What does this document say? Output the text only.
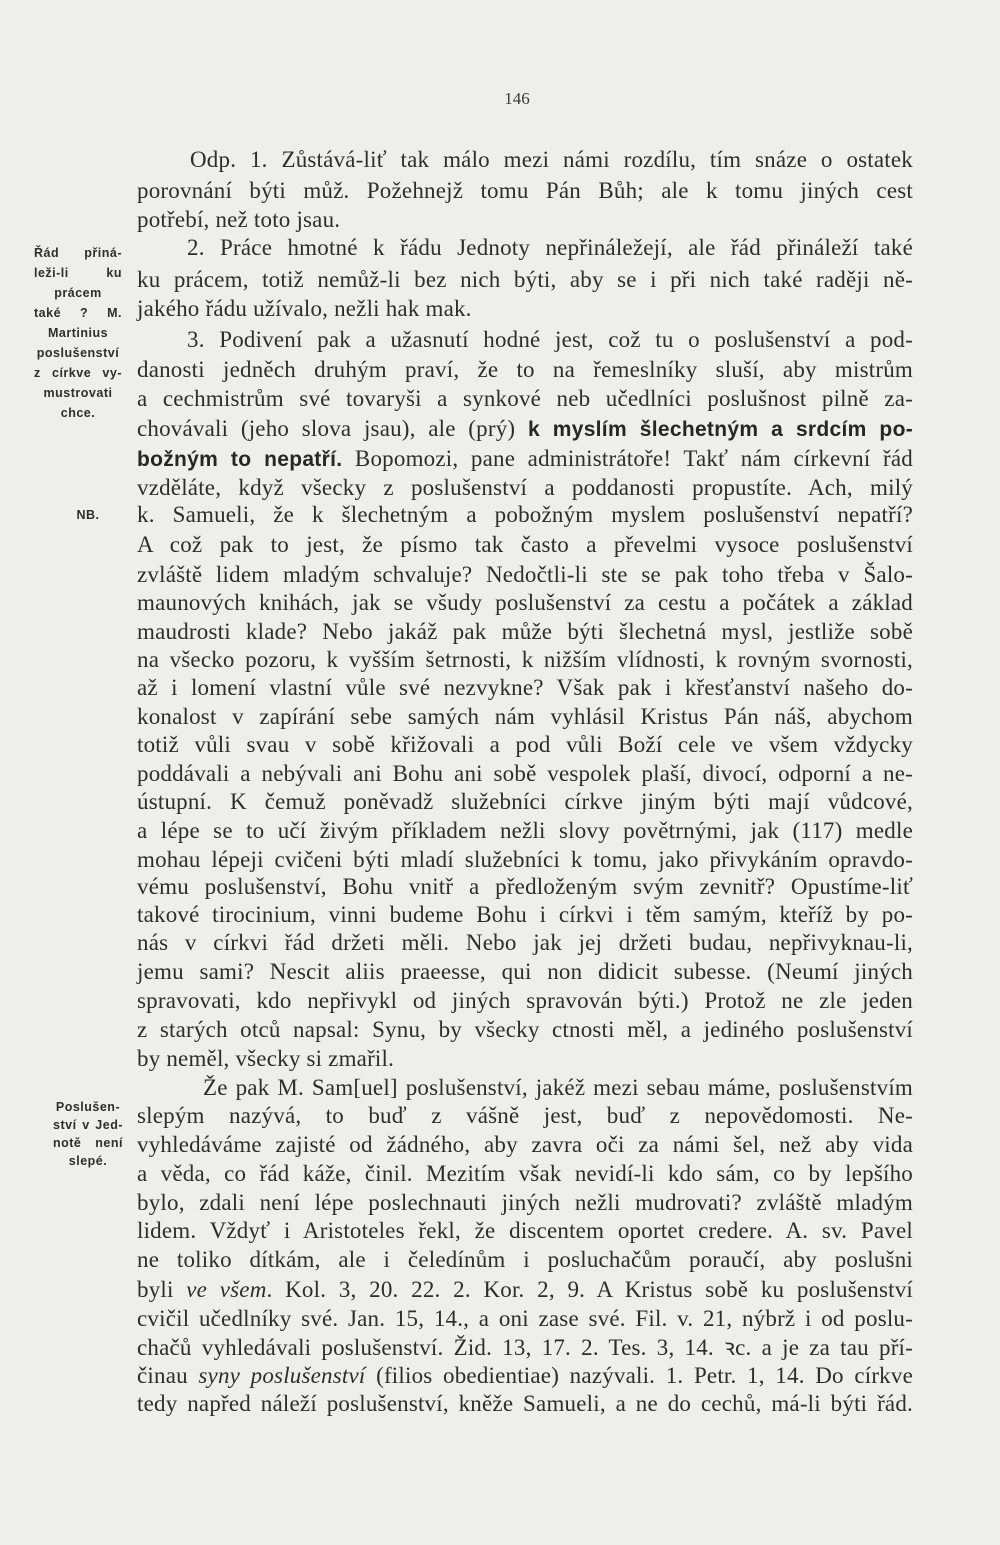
146
Řád přiná-
leži-li ku
prácem
také ? M.
Martinius
poslušenství
z církve vy-
mustrovati
chce.
NB.
Poslušen-
ství v Jed-
notě není
slepé.
Odp. 1. Zůstává-liť tak málo mezi námi rozdílu, tím snáze o ostatek
porovnání býti můž. Požehnejž tomu Pán Bůh; ale k tomu jiných cest
potřebí, než toto jsau.
2. Práce hmotné k řádu Jednoty nepřináležejí, ale řád přináleží také
ku prácem, totiž nemůž-li bez nich býti, aby se i při nich také raději ně-
jakého řádu užívalo, nežli hak mak.
3. Podivení pak a užasnutí hodné jest, což tu o poslušenství a pod-
danosti jedněch druhým praví, že to na řemeslníky sluší, aby mistrům
a cechmistrům své tovaryši a synkové neb učedlníci poslušnost pilně za-
chovávali (jeho slova jsau), ale (prý) k myslím šlechetným a srdcím po-
božným to nepatří. Bopomozi, pane administrátoře! Takť nám církevní řád
vzděláte, když všecky z poslušenství a poddanosti propustíte. Ach, milý
k. Samueli, že k šlechetným a pobožným myslem poslušenství nepatří?
A což pak to jest, že písmo tak často a převelmi vysoce poslušenství
zvláště lidem mladým schvaluje? Nedočtli-li ste se pak toho třeba v Šalo-
maunových knihách, jak se všudy poslušenství za cestu a počátek a základ
maudrosti klade? Nebo jakáž pak může býti šlechetná mysl, jestliže sobě
na všecko pozoru, k vyšším šetrnosti, k nižším vlídnosti, k rovným svornosti,
až i lomení vlastní vůle své nezvykne? Však pak i křesťanství našeho do-
konalost v zapírání sebe samých nám vyhlásil Kristus Pán náš, abychom
totiž vůli svau v sobě křižovali a pod vůli Boží cele ve všem vždycky
poddávali a nebývali ani Bohu ani sobě vespolek plaší, divocí, odporní a ne-
ústupní. K čemuž poněvadž služebníci církve jiným býti mají vůdcové,
a lépe se to učí živým příkladem nežli slovy povětrnými, jak (117) medle
mohau lépeji cvičeni býti mladí služebníci k tomu, jako přivykáním opravdo-
vému poslušenství, Bohu vnitř a předloženým svým zevnitř? Opustíme-liť
takové tirocinium, vinni budeme Bohu i církvi i těm samým, kteříž by po-
nás v církvi řád držeti měli. Nebo jak jej držeti budau, nepřivyknau-li,
jemu sami? Nescit aliis praeesse, qui non didicit subesse. (Neumí jiných
spravovati, kdo nepřivykl od jiných spravován býti.) Protož ne zle jeden
z starých otců napsal: Synu, by všecky ctnosti měl, a jediného poslušenství
by neměl, všecky si zmařil.
Že pak M. Sam[uel] poslušenství, jakéž mezi sebau máme, poslušenstvím
slepým nazývá, to buď z vášně jest, buď z nepovědomosti. Ne-
vyhledáváme zajisté od žádného, aby zavra oči za námi šel, než aby vida
a věda, co řád káže, činil. Mezitím však nevidí-li kdo sám, co by lepšího
bylo, zdali není lépe poslechnauti jiných nežli mudrovati? zvláště mladým
lidem. Vždyť i Aristoteles řekl, že discentem oportet credere. A. sv. Pavel
ne toliko dítkám, ale i čeledínům i posluchačům poraučí, aby poslušni
byli ve všem. Kol. 3, 20. 22. 2. Kor. 2, 9. A Kristus sobě ku poslušenství
cvičil učedlníky své. Jan. 15, 14., a oni zase své. Fil. v. 21, nýbrž i od poslu-
chačů vyhledávali poslušenství. Žid. 13, 17. 2. Tes. 3, 14. ꝛc. a je za tau pří-
činau syny poslušenství (filios obedientiae) nazývali. 1. Petr. 1, 14. Do církve
tedy napřed náleží poslušenství, kněže Samueli, a ne do cechů, má-li býti řád.
